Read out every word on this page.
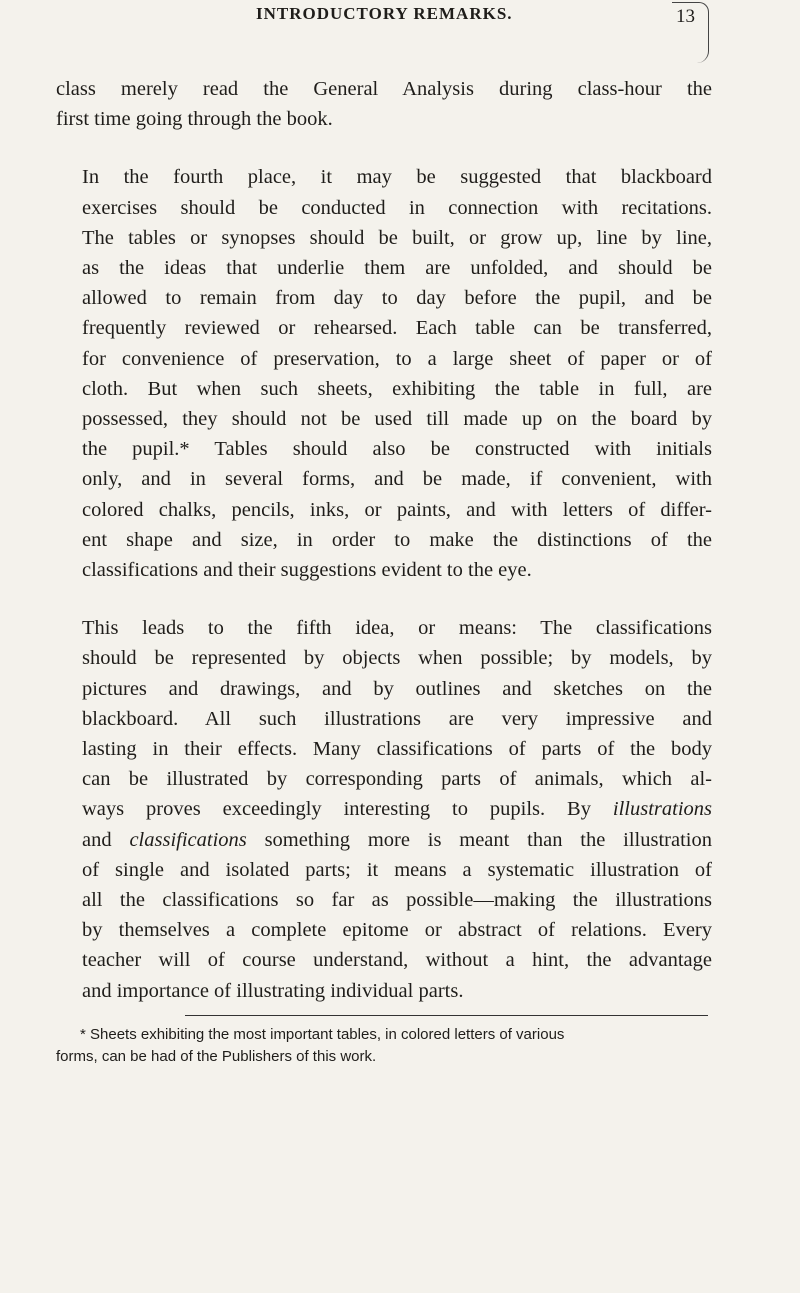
INTRODUCTORY REMARKS.	13

class merely read the General Analysis during class-hour the
first time going through the book.

In the fourth place, it may be suggested that blackboard
exercises should be conducted in connection with recitations.
The tables or synopses should be built, or grow up, line by line,
as the ideas that underlie them are unfolded, and should be
allowed to remain from day to day before the pupil, and be
frequently reviewed or rehearsed. Each table can be transferred,
for convenience of preservation, to a large sheet of paper or of
cloth. But when such sheets, exhibiting the table in full, are
possessed, they should not be used till made up on the board by
the pupil.* Tables should also be constructed with initials
only, and in several forms, and be made, if convenient, with
colored chalks, pencils, inks, or paints, and with letters of differ-
ent shape and size, in order to make the distinctions of the
classifications and their suggestions evident to the eye.

This leads to the fifth idea, or means: The classifications
should be represented by objects when possible; by models, by
pictures and drawings, and by outlines and sketches on the
blackboard. All such illustrations are very impressive and
lasting in their effects. Many classifications of parts of the body
can be illustrated by corresponding parts of animals, which al-
ways proves exceedingly interesting to pupils. By illustrations
and classifications something more is meant than the illustration
of single and isolated parts; it means a systematic illustration of
all the classifications so far as possible—making the illustrations
by themselves a complete epitome or abstract of relations. Every
teacher will of course understand, without a hint, the advantage
and importance of illustrating individual parts.

* Sheets exhibiting the most important tables, in colored letters of various
forms, can be had of the Publishers of this work.
